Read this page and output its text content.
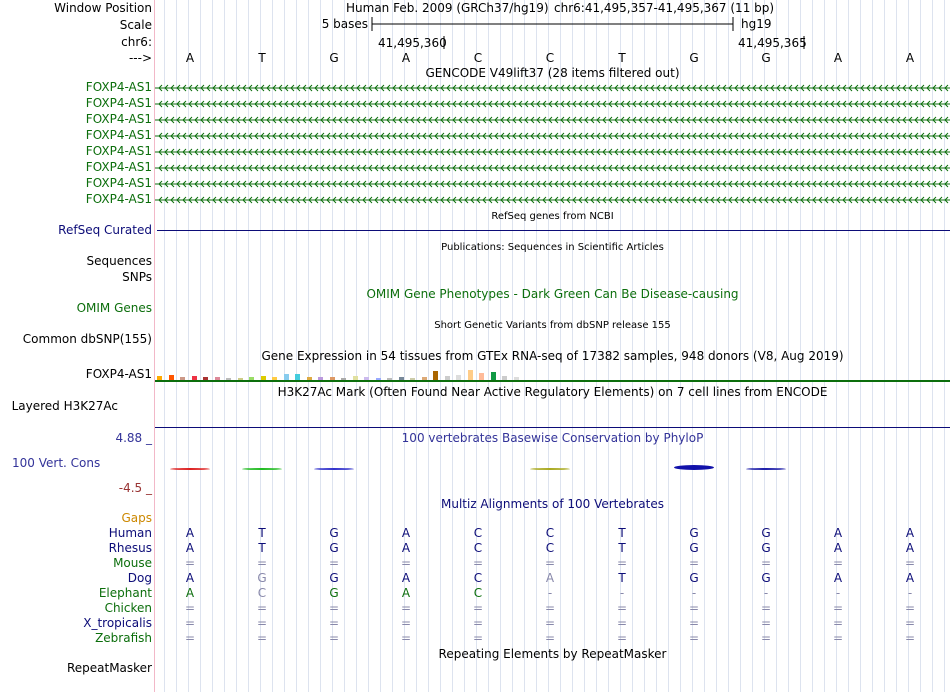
Window Position	Human Feb. 2009 (GRCh37/hg19) chr6:41,495,357-41,495,367 (11 bp)
Scale	5 bases	hg19
chr6:	41,495,360	41,495,365
--->	A	T	G	A	C	C	T	G	G	A	A
GENCODE V49lift37 (28 items filtered out)
FOXP4-AS1
FOXP4-AS1
FOXP4-AS1
FOXP4-AS1
FOXP4-AS1
FOXP4-AS1
FOXP4-AS1
FOXP4-AS1
RefSeq genes from NCBI
RefSeq Curated
Publications: Sequences in Scientific Articles
Sequences
SNPs
OMIM Gene Phenotypes - Dark Green Can Be Disease-causing
OMIM Genes
Short Genetic Variants from dbSNP release 155
Common dbSNP(155)
Gene Expression in 54 tissues from GTEx RNA-seq of 17382 samples, 948 donors (V8, Aug 2019)
FOXP4-AS1
H3K27Ac Mark (Often Found Near Active Regulatory Elements) on 7 cell lines from ENCODE
Layered H3K27Ac
100 vertebrates Basewise Conservation by PhyloP
4.88 _
100 Vert. Cons
-4.5 _
Multiz Alignments of 100 Vertebrates
Gaps
Human	A	T	G	A	C	C	T	G	G	A	A
Rhesus	A	T	G	A	C	C	T	G	G	A	A
Mouse	=	=	=	=	=	=	=	=	=	=	=
Dog	A	G	G	A	C	A	T	G	G	A	A
Elephant	A	C	G	A	C	-	-	-	-	-	-
Chicken	=	=	=	=	=	=	=	=	=	=	=
X_tropicalis	=	=	=	=	=	=	=	=	=	=	=
Zebrafish	=	=	=	=	=	=	=	=	=	=	=
Repeating Elements by RepeatMasker
RepeatMasker
